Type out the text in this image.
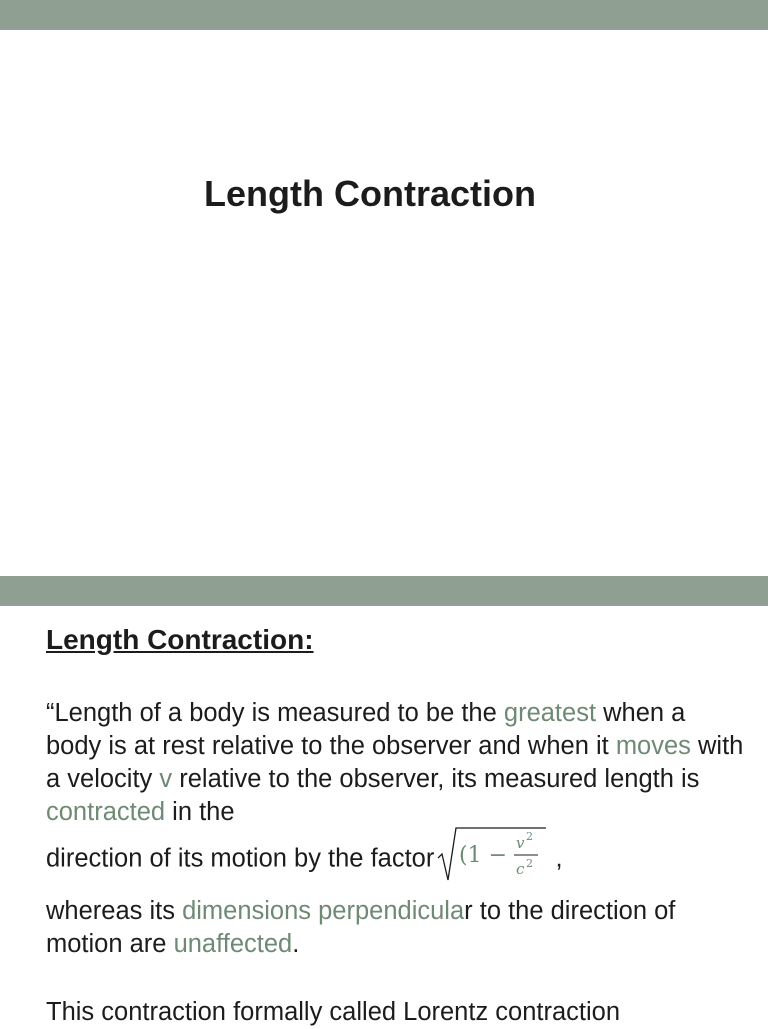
Length Contraction
Length Contraction:
“Length of a body is measured to be the greatest when a body is at rest relative to the observer and when it moves with a velocity v relative to the observer, its measured length is contracted in the
direction of its motion by the factor (1 − v 2
c 2 ,
whereas its dimensions perpendicular to the direction of motion are unaffected.
This contraction formally called Lorentz contraction
